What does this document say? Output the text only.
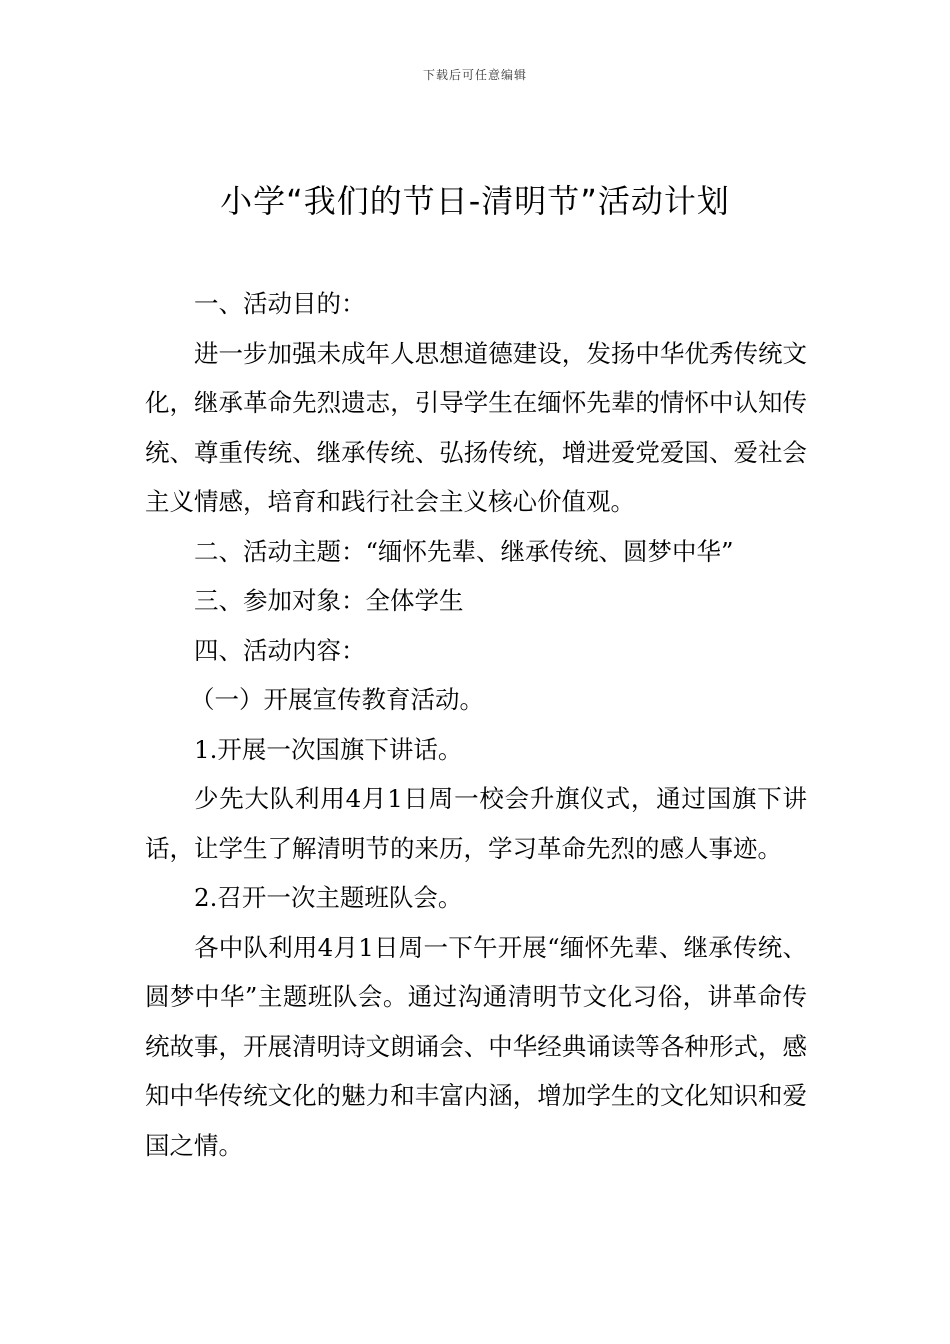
下载后可任意编辑
小学“我们的节日-清明节”活动计划

一、活动目的：

进一步加强未成年人思想道德建设，发扬中华优秀传统文化，继承革命先烈遗志，引导学生在缅怀先辈的情怀中认知传统、尊重传统、继承传统、弘扬传统，增进爱党爱国、爱社会主义情感，培育和践行社会主义核心价值观。

二、活动主题：“缅怀先辈、继承传统、圆梦中华”

三、参加对象：全体学生

四、活动内容：

（一）开展宣传教育活动。

1.开展一次国旗下讲话。

少先大队利用4月1日周一校会升旗仪式，通过国旗下讲话，让学生了解清明节的来历，学习革命先烈的感人事迹。

2.召开一次主题班队会。

各中队利用4月1日周一下午开展“缅怀先辈、继承传统、圆梦中华”主题班队会。通过沟通清明节文化习俗，讲革命传统故事，开展清明诗文朗诵会、中华经典诵读等各种形式，感知中华传统文化的魅力和丰富内涵，增加学生的文化知识和爱国之情。
